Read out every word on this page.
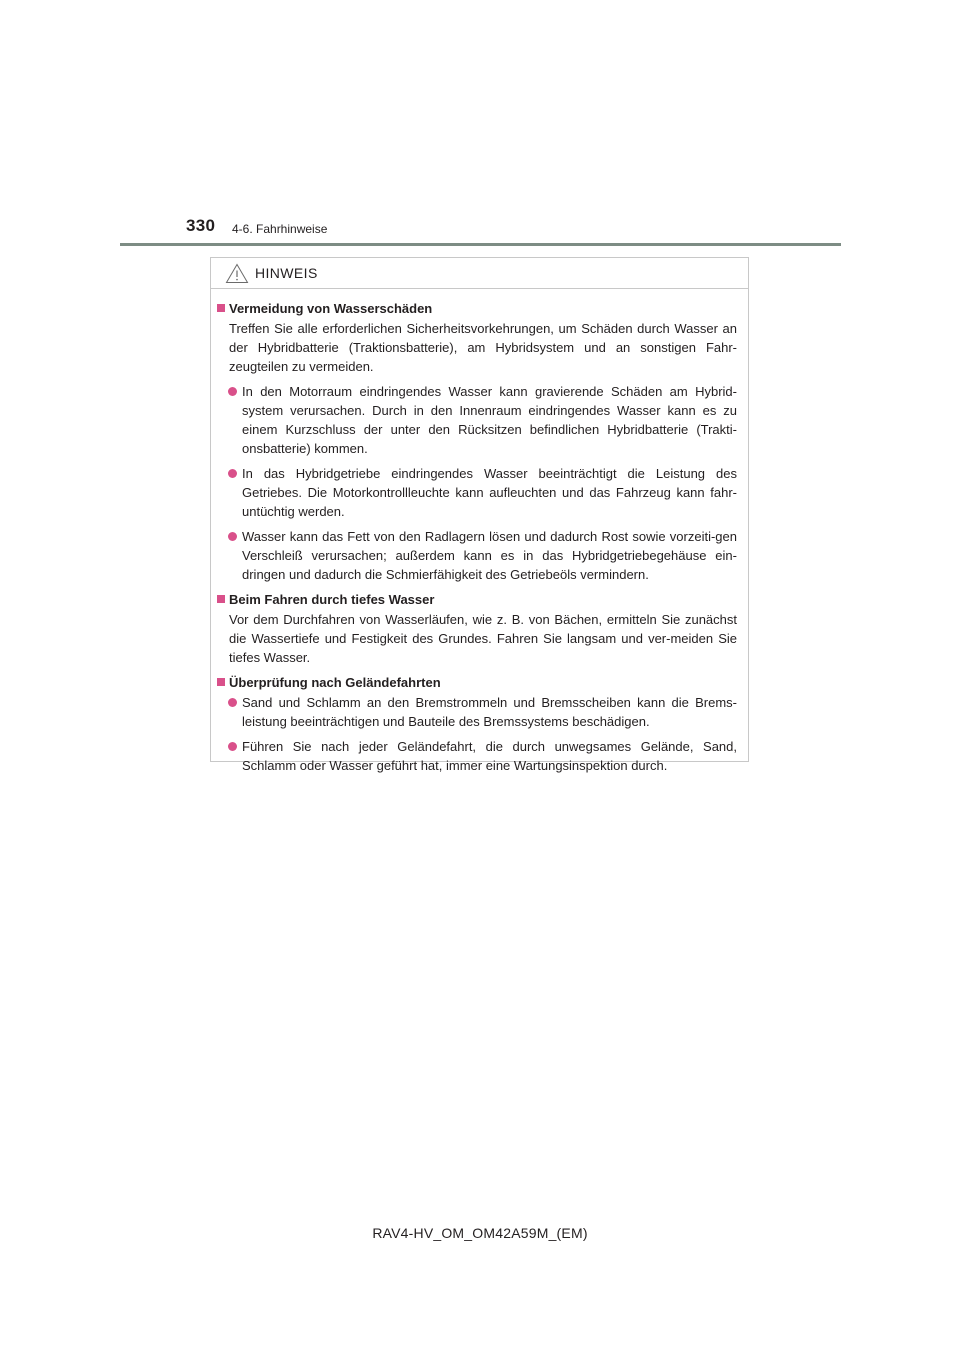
330 4-6. Fahrhinweise
HINWEIS
Vermeidung von Wasserschäden
Treffen Sie alle erforderlichen Sicherheitsvorkehrungen, um Schäden durch Wasser an der Hybridbatterie (Traktionsbatterie), am Hybridsystem und an sonstigen Fahr-zeugteilen zu vermeiden.
In den Motorraum eindringendes Wasser kann gravierende Schäden am Hybrid-system verursachen. Durch in den Innenraum eindringendes Wasser kann es zu einem Kurzschluss der unter den Rücksitzen befindlichen Hybridbatterie (Trakti-onsbatterie) kommen.
In das Hybridgetriebe eindringendes Wasser beeinträchtigt die Leistung des Getriebes. Die Motorkontrollleuchte kann aufleuchten und das Fahrzeug kann fahr-untüchtig werden.
Wasser kann das Fett von den Radlagern lösen und dadurch Rost sowie vorzeiti-gen Verschleiß verursachen; außerdem kann es in das Hybridgetriebegehäuse ein-dringen und dadurch die Schmierfähigkeit des Getriebeöls vermindern.
Beim Fahren durch tiefes Wasser
Vor dem Durchfahren von Wasserläufen, wie z. B. von Bächen, ermitteln Sie zunächst die Wassertiefe und Festigkeit des Grundes. Fahren Sie langsam und ver-meiden Sie tiefes Wasser.
Überprüfung nach Geländefahrten
Sand und Schlamm an den Bremstrommeln und Bremsscheiben kann die Brems-leistung beeinträchtigen und Bauteile des Bremssystems beschädigen.
Führen Sie nach jeder Geländefahrt, die durch unwegsames Gelände, Sand, Schlamm oder Wasser geführt hat, immer eine Wartungsinspektion durch.
RAV4-HV_OM_OM42A59M_(EM)
